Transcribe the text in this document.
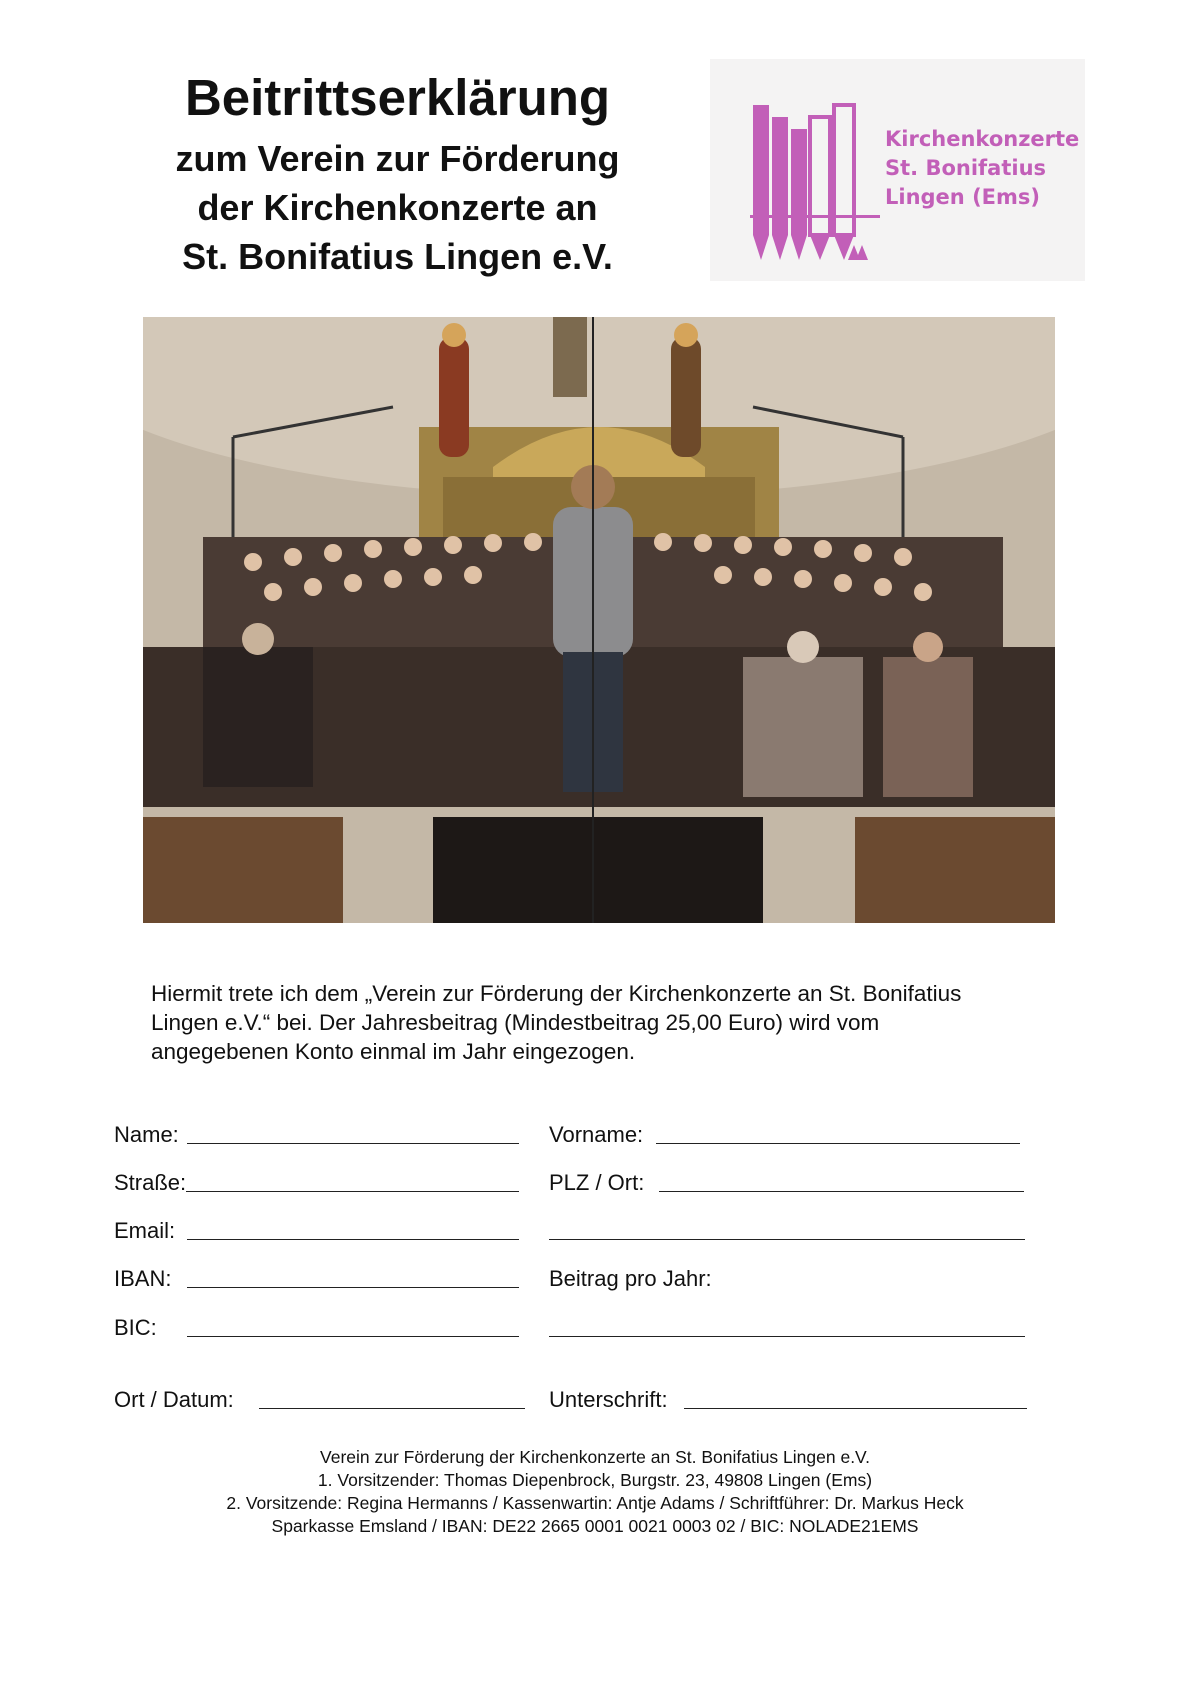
Beitrittserklärung
zum Verein zur Förderung
der Kirchenkonzerte an
St. Bonifatius Lingen e.V.
Kirchenkonzerte
St. Bonifatius
Lingen (Ems)
Hiermit trete ich dem „Verein zur Förderung der Kirchenkonzerte an St. Bonifatius
Lingen e.V.“ bei. Der Jahresbeitrag (Mindestbeitrag 25,00 Euro) wird vom
angegebenen Konto einmal im Jahr eingezogen.
Name:	Vorname:
Straße:	PLZ / Ort:
Email:
IBAN:	Beitrag pro Jahr:
BIC:
Ort / Datum:	Unterschrift:
Verein zur Förderung der Kirchenkonzerte an St. Bonifatius Lingen e.V.
1. Vorsitzender: Thomas Diepenbrock, Burgstr. 23, 49808 Lingen (Ems)
2. Vorsitzende: Regina Hermanns / Kassenwartin: Antje Adams / Schriftführer: Dr. Markus Heck
Sparkasse Emsland / IBAN: DE22 2665 0001 0021 0003 02 / BIC: NOLADE21EMS
